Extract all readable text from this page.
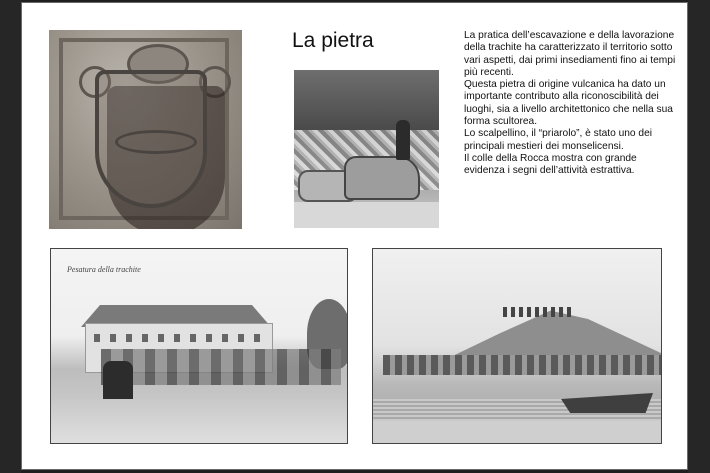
La pietra	La pratica dell’escavazione e della lavorazione della trachite ha caratterizzato il territorio sotto vari aspetti, dai primi insediamenti fino ai tempi più recenti.
Questa pietra di origine vulcanica ha dato un importante contributo alla riconoscibilità dei luoghi, sia a livello architettonico che nella sua forma scultorea.
Lo scalpellino, il “priarolo”, è stato uno dei principali mestieri dei monselicensi.
Il colle della Rocca mostra con grande evidenza i segni dell’attività estrattiva.
Pesatura della trachite
